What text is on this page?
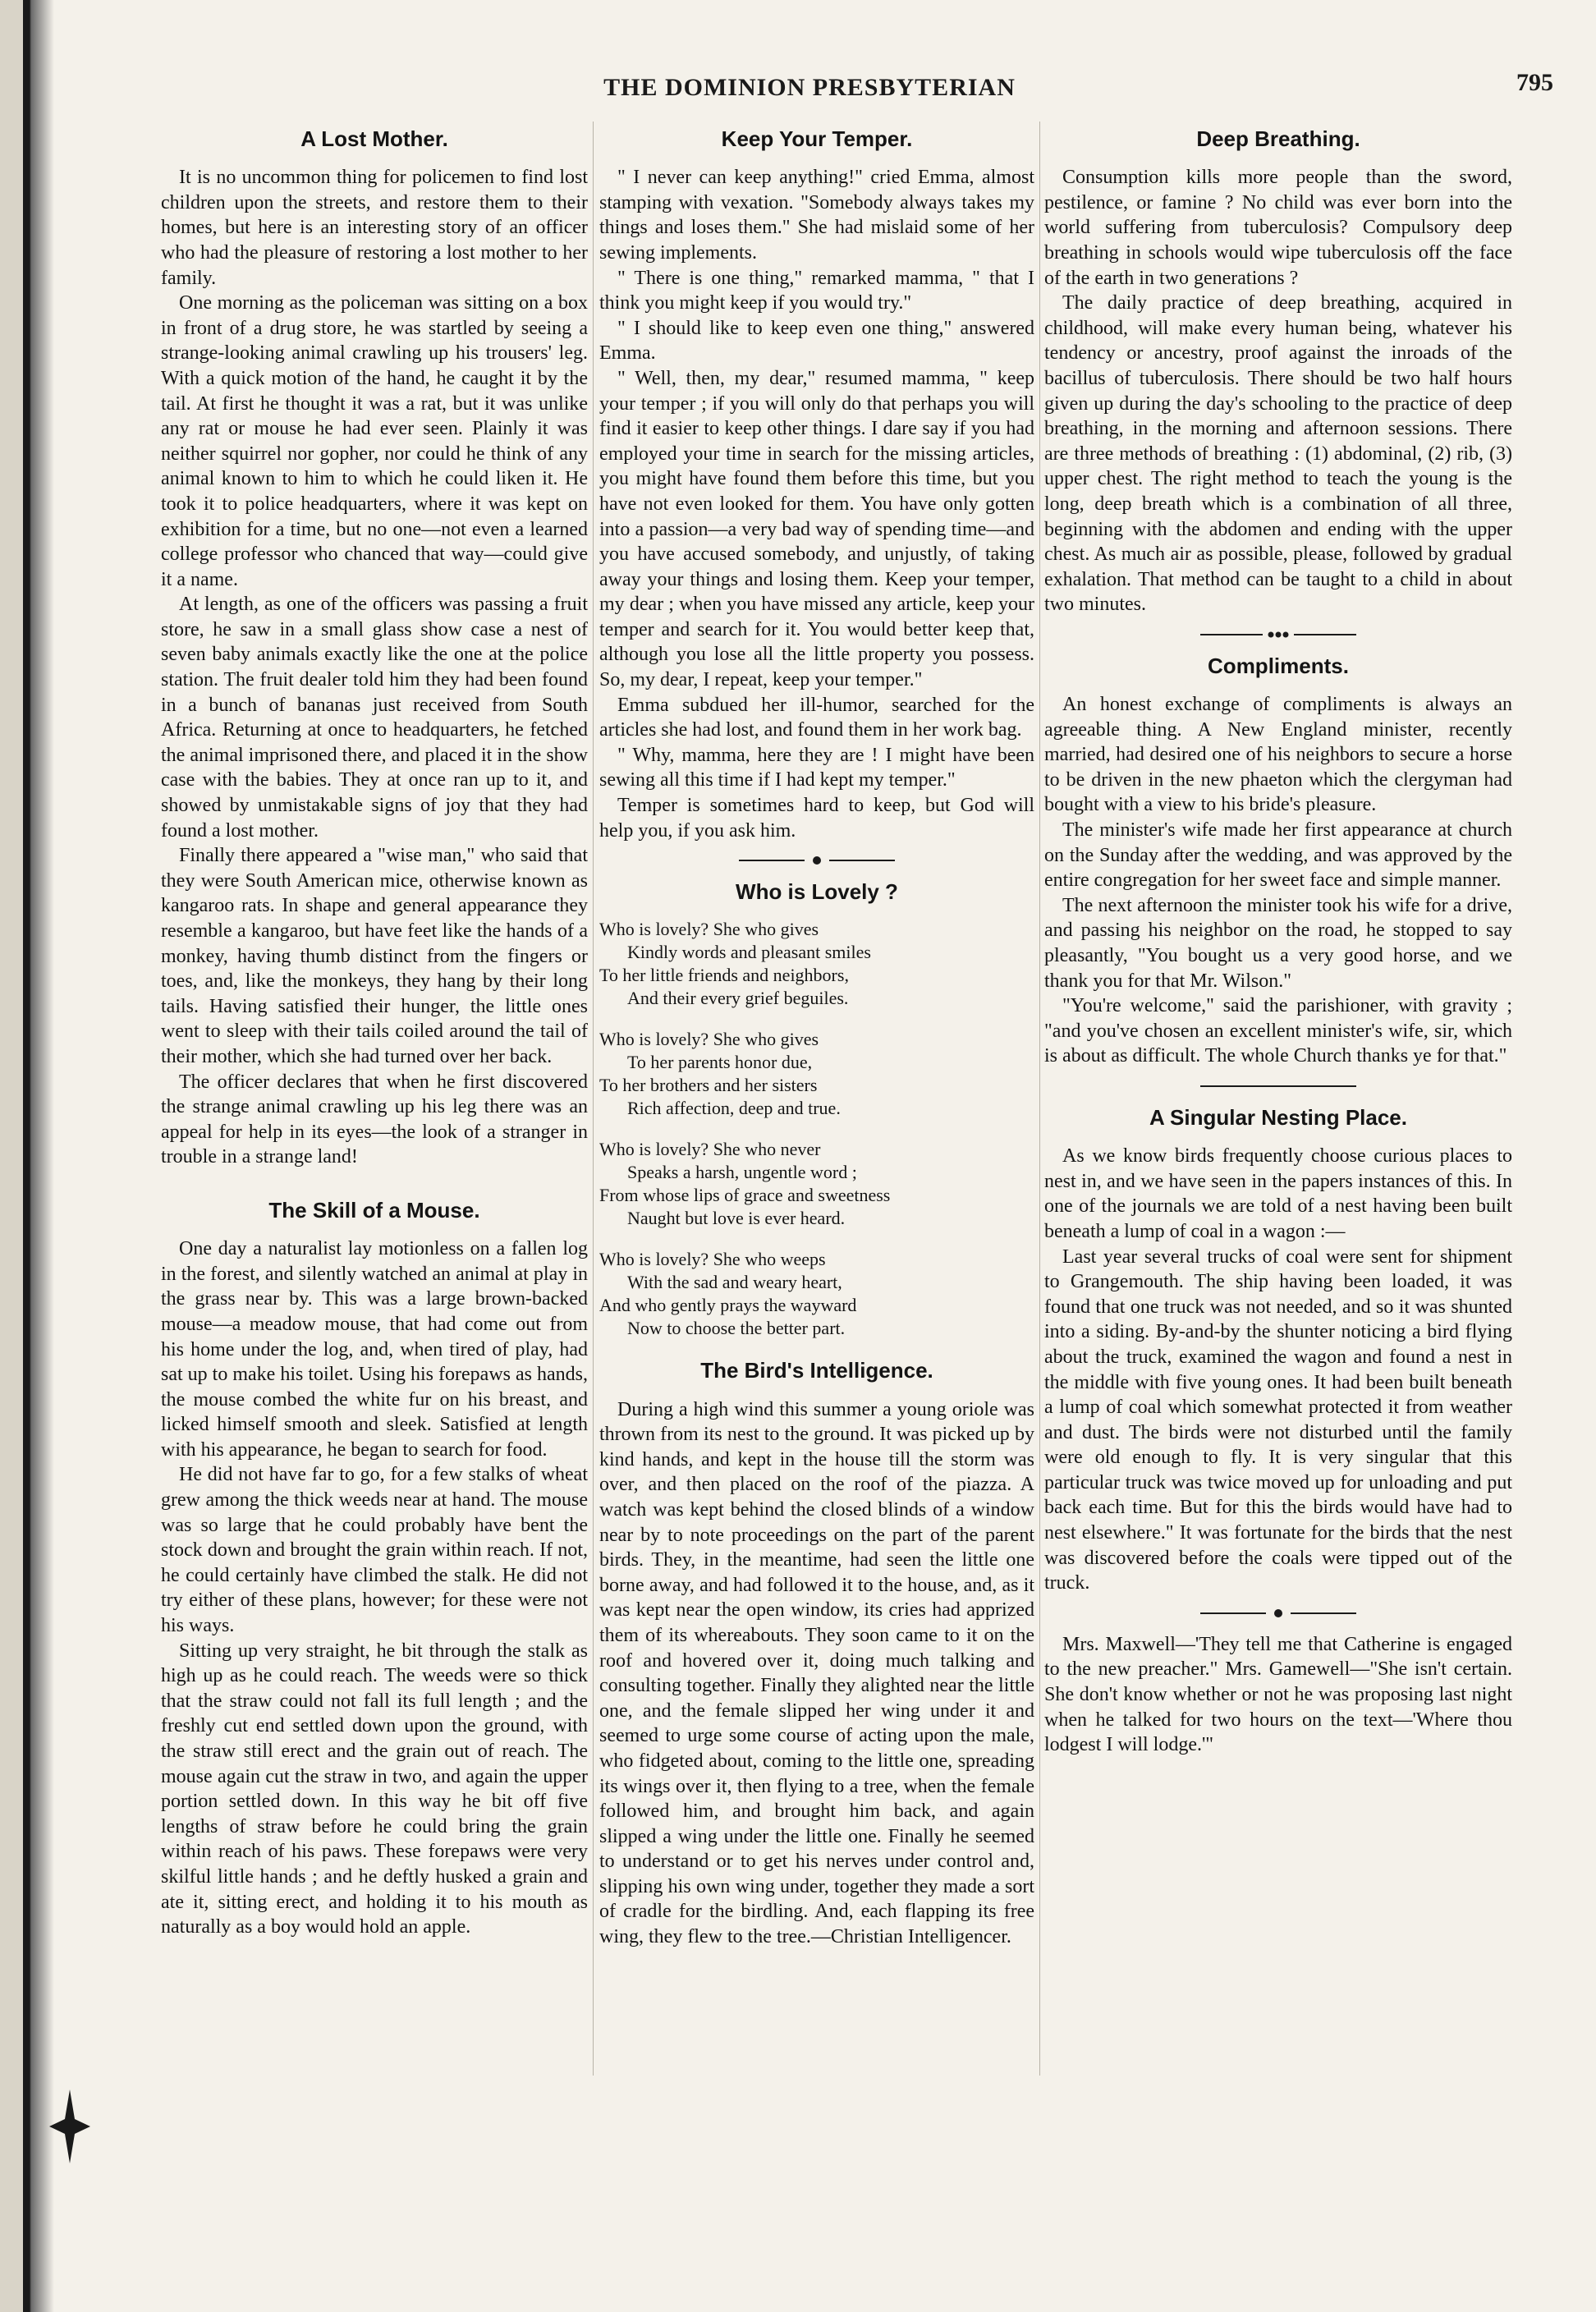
THE DOMINION PRESBYTERIAN	795
A Lost Mother.

It is no uncommon thing for policemen to find lost children upon the streets, and restore them to their homes, but here is an interesting story of an officer who had the pleasure of restoring a lost mother to her family.

One morning as the policeman was sitting on a box in front of a drug store, he was startled by seeing a strange-looking animal crawling up his trousers' leg. With a quick motion of the hand, he caught it by the tail. At first he thought it was a rat, but it was unlike any rat or mouse he had ever seen. Plainly it was neither squirrel nor gopher, nor could he think of any animal known to him to which he could liken it. He took it to police headquarters, where it was kept on exhibition for a time, but no one—not even a learned college professor who chanced that way—could give it a name.

At length, as one of the officers was passing a fruit store, he saw in a small glass show case a nest of seven baby animals exactly like the one at the police station. The fruit dealer told him they had been found in a bunch of bananas just received from South Africa. Returning at once to headquarters, he fetched the animal imprisoned there, and placed it in the show case with the babies. They at once ran up to it, and showed by unmistakable signs of joy that they had found a lost mother.

Finally there appeared a "wise man," who said that they were South American mice, otherwise known as kangaroo rats. In shape and general appearance they resemble a kangaroo, but have feet like the hands of a monkey, having thumb distinct from the fingers or toes, and, like the monkeys, they hang by their long tails. Having satisfied their hunger, the little ones went to sleep with their tails coiled around the tail of their mother, which she had turned over her back.

The officer declares that when he first discovered the strange animal crawling up his leg there was an appeal for help in its eyes—the look of a stranger in trouble in a strange land!

The Skill of a Mouse.

One day a naturalist lay motionless on a fallen log in the forest, and silently watched an animal at play in the grass near by. This was a large brown-backed mouse—a meadow mouse, that had come out from his home under the log, and, when tired of play, had sat up to make his toilet. Using his forepaws as hands, the mouse combed the white fur on his breast, and licked himself smooth and sleek. Satisfied at length with his appearance, he began to search for food.

He did not have far to go, for a few stalks of wheat grew among the thick weeds near at hand. The mouse was so large that he could probably have bent the stock down and brought the grain within reach. If not, he could certainly have climbed the stalk. He did not try either of these plans, however; for these were not his ways.

Sitting up very straight, he bit through the stalk as high up as he could reach. The weeds were so thick that the straw could not fall its full length ; and the freshly cut end settled down upon the ground, with the straw still erect and the grain out of reach. The mouse again cut the straw in two, and again the upper portion settled down. In this way he bit off five lengths of straw before he could bring the grain within reach of his paws. These forepaws were very skilful little hands ; and he deftly husked a grain and ate it, sitting erect, and holding it to his mouth as naturally as a boy would hold an apple.

Keep Your Temper.

" I never can keep anything!" cried Emma, almost stamping with vexation. "Somebody always takes my things and loses them." She had mislaid some of her sewing implements.

" There is one thing," remarked mamma, " that I think you might keep if you would try."

" I should like to keep even one thing," answered Emma.

" Well, then, my dear," resumed mamma, " keep your temper ; if you will only do that perhaps you will find it easier to keep other things. I dare say if you had employed your time in search for the missing articles, you might have found them before this time, but you have not even looked for them. You have only gotten into a passion—a very bad way of spending time—and you have accused somebody, and unjustly, of taking away your things and losing them. Keep your temper, my dear ; when you have missed any article, keep your temper and search for it. You would better keep that, although you lose all the little property you possess. So, my dear, I repeat, keep your temper."

Emma subdued her ill-humor, searched for the articles she had lost, and found them in her work bag.

" Why, mamma, here they are ! I might have been sewing all this time if I had kept my temper."

Temper is sometimes hard to keep, but God will help you, if you ask him.

Who is Lovely ?
Who is lovely? She who gives
Kindly words and pleasant smiles
To her little friends and neighbors,
And their every grief beguiles.
Who is lovely? She who gives
To her parents honor due,
To her brothers and her sisters
Rich affection, deep and true.
Who is lovely? She who never
Speaks a harsh, ungentle word ;
From whose lips of grace and sweetness
Naught but love is ever heard.
Who is lovely? She who weeps
With the sad and weary heart,
And who gently prays the wayward
Now to choose the better part.
The Bird's Intelligence.

During a high wind this summer a young oriole was thrown from its nest to the ground. It was picked up by kind hands, and kept in the house till the storm was over, and then placed on the roof of the piazza. A watch was kept behind the closed blinds of a window near by to note proceedings on the part of the parent birds. They, in the meantime, had seen the little one borne away, and had followed it to the house, and, as it was kept near the open window, its cries had apprized them of its whereabouts. They soon came to it on the roof and hovered over it, doing much talking and consulting together. Finally they alighted near the little one, and the female slipped her wing under it and seemed to urge some course of acting upon the male, who fidgeted about, coming to the little one, spreading its wings over it, then flying to a tree, when the female followed him, and brought him back, and again slipped a wing under the little one. Finally he seemed to understand or to get his nerves under control and, slipping his own wing under, together they made a sort of cradle for the birdling. And, each flapping its free wing, they flew to the tree.—Christian Intelligencer.

Deep Breathing.

Consumption kills more people than the sword, pestilence, or famine ? No child was ever born into the world suffering from tuberculosis? Compulsory deep breathing in schools would wipe tuberculosis off the face of the earth in two generations ?

The daily practice of deep breathing, acquired in childhood, will make every human being, whatever his tendency or ancestry, proof against the inroads of the bacillus of tuberculosis. There should be two half hours given up during the day's schooling to the practice of deep breathing, in the morning and afternoon sessions. There are three methods of breathing : (1) abdominal, (2) rib, (3) upper chest. The right method to teach the young is the long, deep breath which is a combination of all three, beginning with the abdomen and ending with the upper chest. As much air as possible, please, followed by gradual exhalation. That method can be taught to a child in about two minutes.

Compliments.

An honest exchange of compliments is always an agreeable thing. A New England minister, recently married, had desired one of his neighbors to secure a horse to be driven in the new phaeton which the clergyman had bought with a view to his bride's pleasure.

The minister's wife made her first appearance at church on the Sunday after the wedding, and was approved by the entire congregation for her sweet face and simple manner.

The next afternoon the minister took his wife for a drive, and passing his neighbor on the road, he stopped to say pleasantly, "You bought us a very good horse, and we thank you for that Mr. Wilson."

"You're welcome," said the parishioner, with gravity ; "and you've chosen an excellent minister's wife, sir, which is about as difficult. The whole Church thanks ye for that."

A Singular Nesting Place.

As we know birds frequently choose curious places to nest in, and we have seen in the papers instances of this. In one of the journals we are told of a nest having been built beneath a lump of coal in a wagon :—

Last year several trucks of coal were sent for shipment to Grangemouth. The ship having been loaded, it was found that one truck was not needed, and so it was shunted into a siding. By-and-by the shunter noticing a bird flying about the truck, examined the wagon and found a nest in the middle with five young ones. It had been built beneath a lump of coal which somewhat protected it from weather and dust. The birds were not disturbed until the family were old enough to fly. It is very singular that this particular truck was twice moved up for unloading and put back each time. But for this the birds would have had to nest elsewhere." It was fortunate for the birds that the nest was discovered before the coals were tipped out of the truck.

Mrs. Maxwell—'They tell me that Catherine is engaged to the new preacher." Mrs. Gamewell—"She isn't certain. She don't know whether or not he was proposing last night when he talked for two hours on the text—'Where thou lodgest I will lodge.'"
